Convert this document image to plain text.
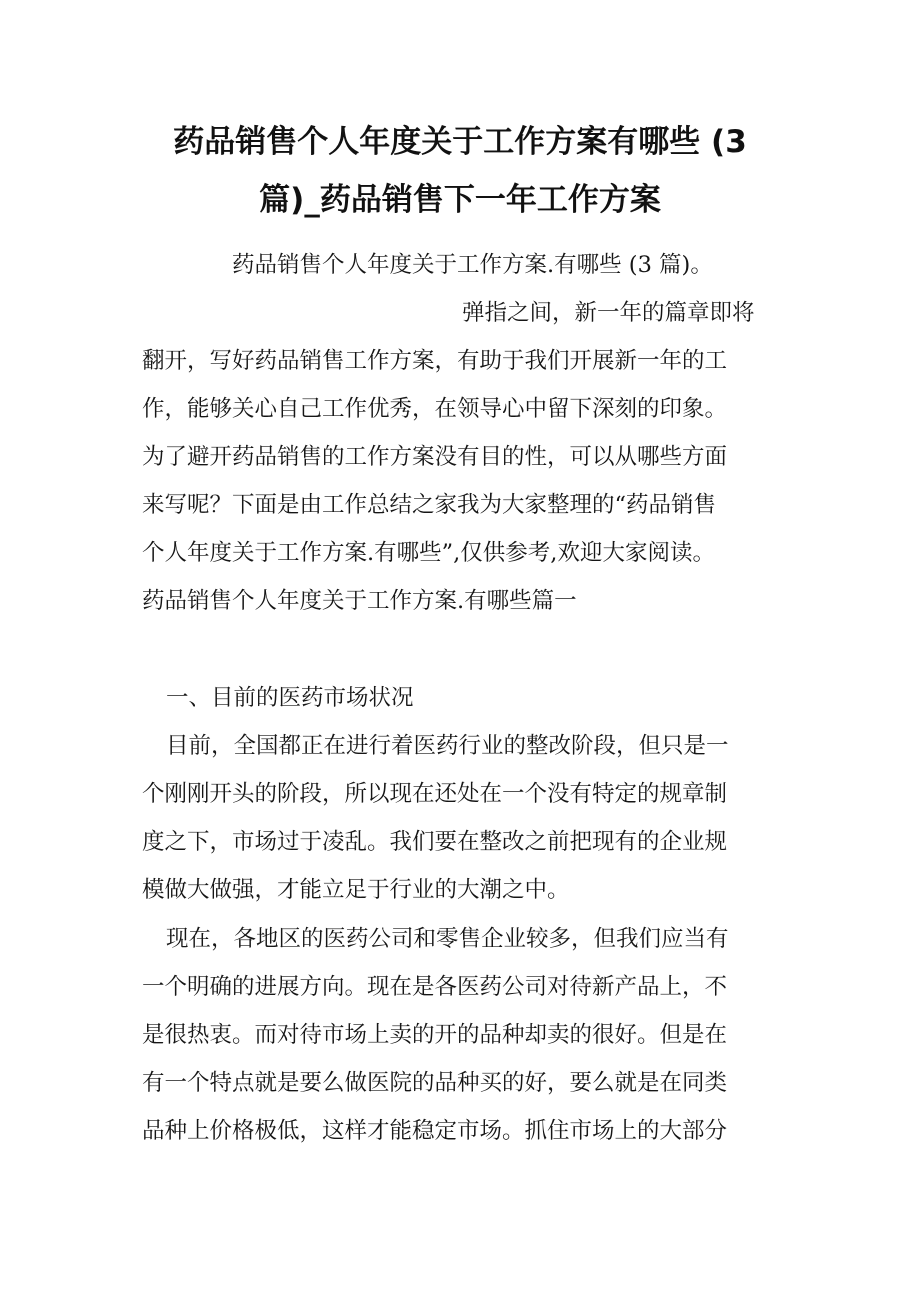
药品销售个人年度关于工作方案有哪些 (3
篇)_药品销售下一年工作方案
药品销售个人年度关于工作方案.有哪些 (3 篇)。
弹指之间，新一年的篇章即将
翻开，写好药品销售工作方案，有助于我们开展新一年的工
作，能够关心自己工作优秀，在领导心中留下深刻的印象。
为了避开药品销售的工作方案没有目的性，可以从哪些方面
来写呢？下面是由工作总结之家我为大家整理的“药品销售
个人年度关于工作方案.有哪些”,仅供参考,欢迎大家阅读。
药品销售个人年度关于工作方案.有哪些篇一
一、目前的医药市场状况
目前，全国都正在进行着医药行业的整改阶段，但只是一
个刚刚开头的阶段，所以现在还处在一个没有特定的规章制
度之下，市场过于凌乱。我们要在整改之前把现有的企业规
模做大做强，才能立足于行业的大潮之中。
现在，各地区的医药公司和零售企业较多，但我们应当有
一个明确的进展方向。现在是各医药公司对待新产品上，不
是很热衷。而对待市场上卖的开的品种却卖的很好。但是在
有一个特点就是要么做医院的品种买的好，要么就是在同类
品种上价格极低，这样才能稳定市场。抓住市场上的大部分
